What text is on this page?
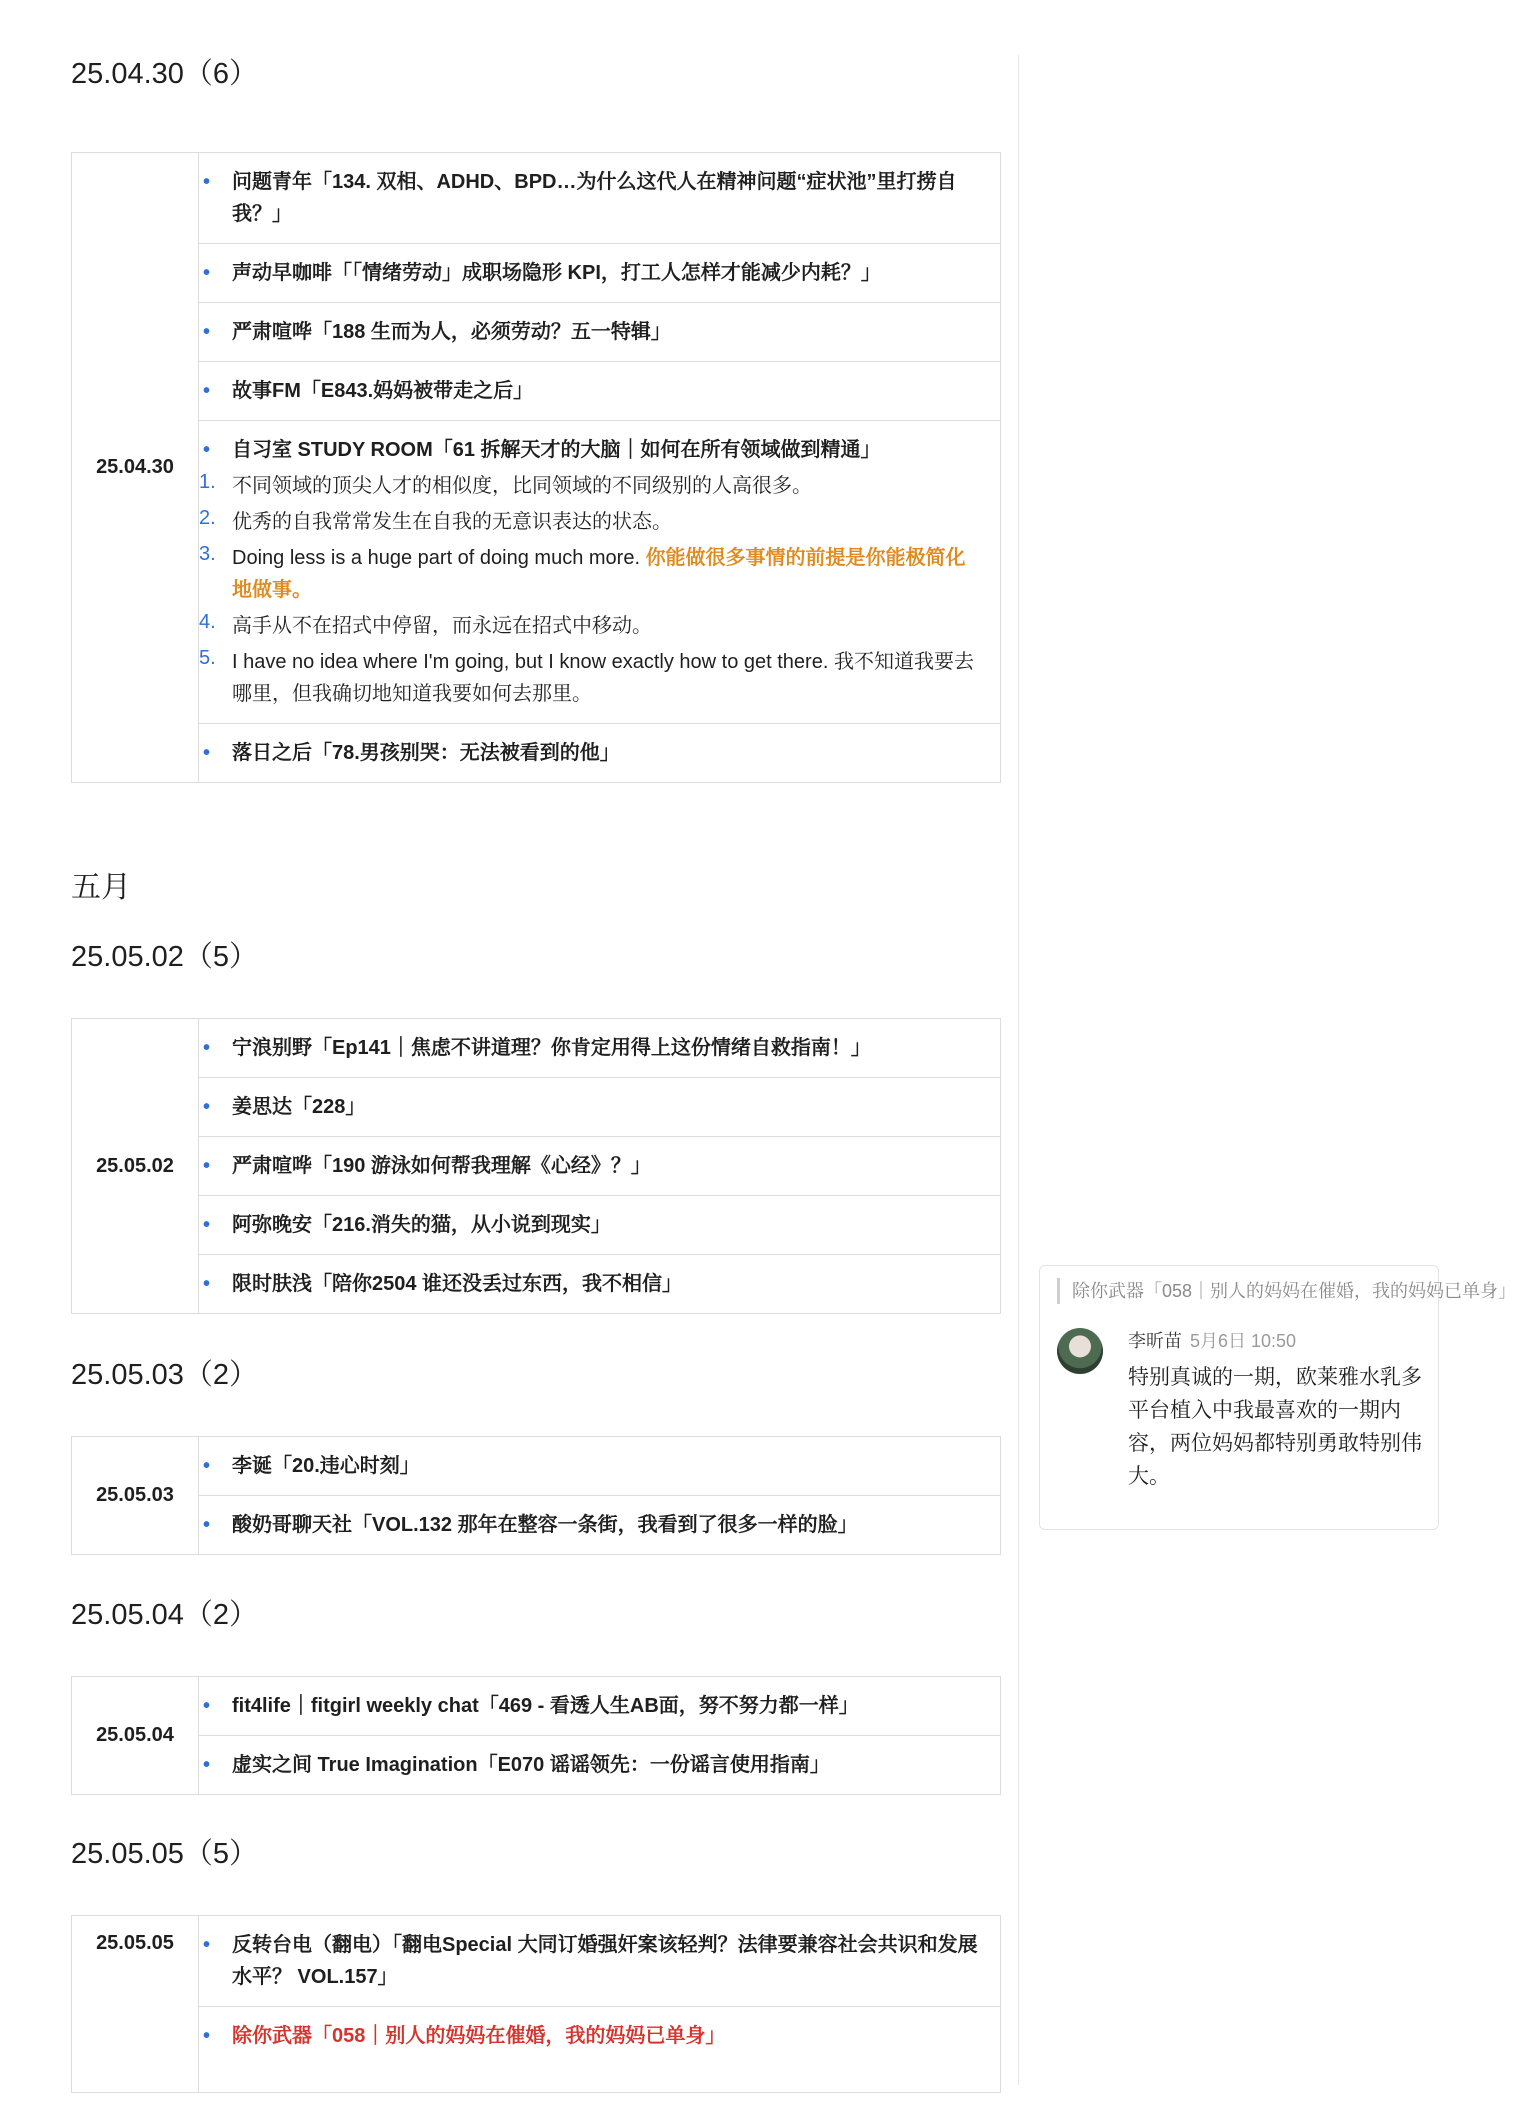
25.04.30（6）
25.04.30	
• 问题青年「134. 双相、ADHD、BPD…为什么这代人在精神问题“症状池”里打捞自我？」
• 声动早咖啡「「情绪劳动」成职场隐形 KPI，打工人怎样才能减少内耗？」
• 严肃喧哗「188 生而为人，必须劳动？五一特辑」
• 故事FM「E843.妈妈被带走之后」
• 自习室 STUDY ROOM「61 拆解天才的大脑｜如何在所有领域做到精通」
1. 不同领域的顶尖人才的相似度，比同领域的不同级别的人高很多。
2. 优秀的自我常常发生在自我的无意识表达的状态。
3. Doing less is a huge part of doing much more. 你能做很多事情的前提是你能极简化地做事。
4. 高手从不在招式中停留，而永远在招式中移动。
5. I have no idea where I'm going, but I know exactly how to get there. 我不知道我要去哪里，但我确切地知道我要如何去那里。
• 落日之后「78.男孩别哭：无法被看到的他」
五月
25.05.02（5）
25.05.02	
• 宁浪别野「Ep141｜焦虑不讲道理？你肯定用得上这份情绪自救指南！」
• 姜思达「228」
• 严肃喧哗「190 游泳如何帮我理解《心经》？」
• 阿弥晚安「216.消失的猫，从小说到现实」
• 限时肤浅「陪你2504 谁还没丢过东西，我不相信」
25.05.03（2）
25.05.03	
• 李诞「20.违心时刻」
• 酸奶哥聊天社「VOL.132 那年在整容一条街，我看到了很多一样的脸」
25.05.04（2）
25.05.04	
• fit4life｜fitgirl weekly chat「469 - 看透人生AB面，努不努力都一样」
• 虚实之间 True Imagination「E070 谣谣领先：一份谣言使用指南」
25.05.05（5）
25.05.05	
•反转台电（翻电）「翻电Special 大同订婚强奸案该轻判？法律要兼容社会共识和发展水平？ VOL.157」
• 除你武器「058｜别人的妈妈在催婚，我的妈妈已单身」
除你武器「058｜别人的妈妈在催婚，我的妈妈已单身」
李昕苗 5月6日 10:50
特别真诚的一期，欧莱雅水乳多平台植入中我最喜欢的一期内容，两位妈妈都特别勇敢特别伟大。
